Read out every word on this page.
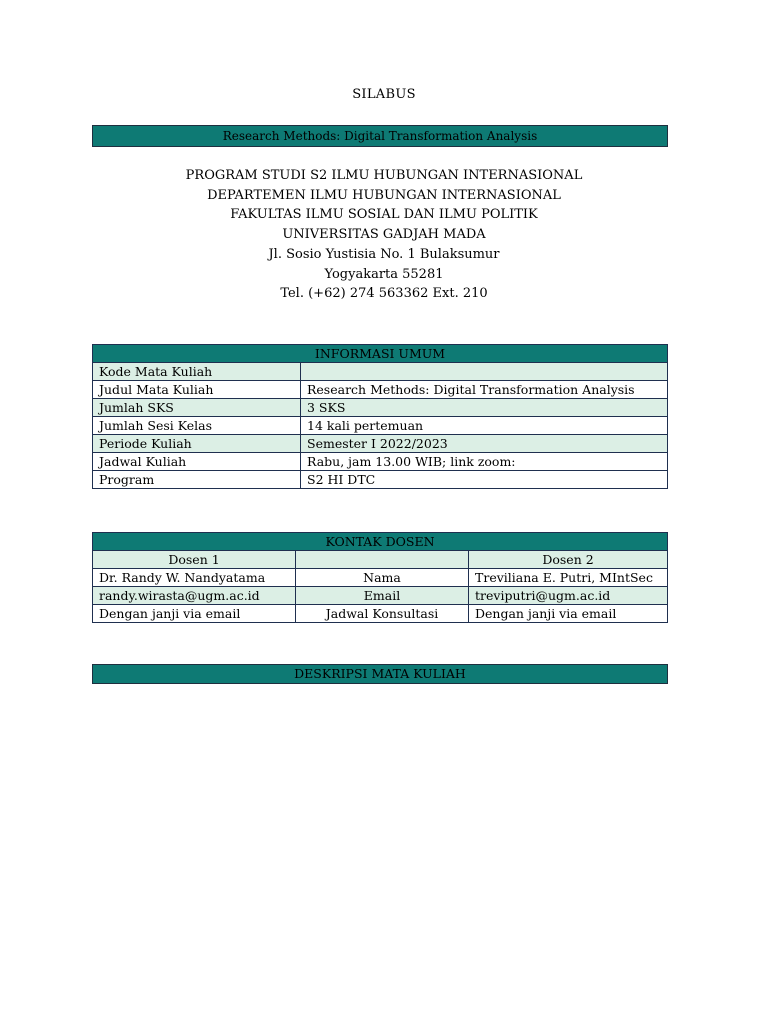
SILABUS
Research Methods: Digital Transformation Analysis
PROGRAM STUDI S2 ILMU HUBUNGAN INTERNASIONAL
DEPARTEMEN ILMU HUBUNGAN INTERNASIONAL
FAKULTAS ILMU SOSIAL DAN ILMU POLITIK
UNIVERSITAS GADJAH MADA
Jl. Sosio Yustisia No. 1 Bulaksumur
Yogyakarta 55281
Tel. (+62) 274 563362 Ext. 210
INFORMASI UMUM	
Kode Mata Kuliah	
Judul Mata Kuliah	Research Methods: Digital Transformation Analysis
Jumlah SKS	3 SKS
Jumlah Sesi Kelas	14 kali pertemuan
Periode Kuliah	Semester I 2022/2023
Jadwal Kuliah	Rabu, jam 13.00 WIB; link zoom:
Program	S2 HI DTC
KONTAK DOSEN		
Dosen 1		Dosen 2
Dr. Randy W. Nandyatama	Nama	Treviliana E. Putri, MIntSec
randy.wirasta@ugm.ac.id	Email	treviputri@ugm.ac.id
Dengan janji via email	Jadwal Konsultasi	Dengan janji via email
DESKRIPSI MATA KULIAH
